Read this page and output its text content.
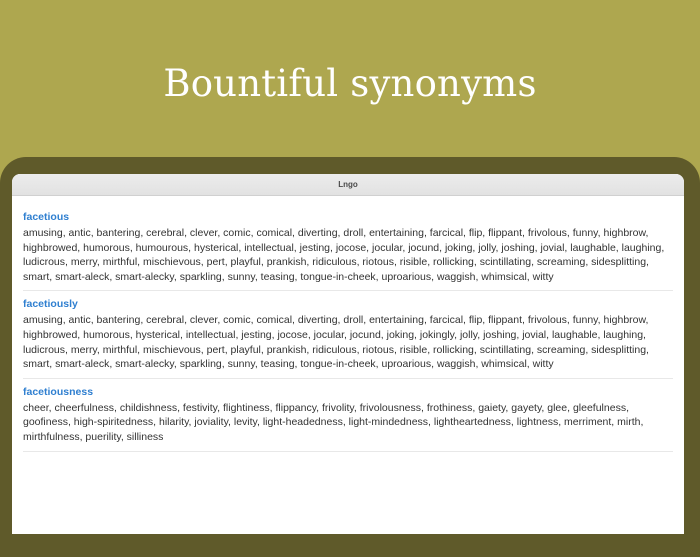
Bountiful synonyms
Lngo
facetious
amusing, antic, bantering, cerebral, clever, comic, comical, diverting, droll, entertaining, farcical, flip, flippant, frivolous, funny, highbrow, highbrowed, humorous, humourous, hysterical, intellectual, jesting, jocose, jocular, jocund, joking, jolly, joshing, jovial, laughable, laughing, ludicrous, merry, mirthful, mischievous, pert, playful, prankish, ridiculous, riotous, risible, rollicking, scintillating, screaming, sidesplitting, smart, smart-aleck, smart-alecky, sparkling, sunny, teasing, tongue-in-cheek, uproarious, waggish, whimsical, witty
facetiously
amusing, antic, bantering, cerebral, clever, comic, comical, diverting, droll, entertaining, farcical, flip, flippant, frivolous, funny, highbrow, highbrowed, humorous, hysterical, intellectual, jesting, jocose, jocular, jocund, joking, jokingly, jolly, joshing, jovial, laughable, laughing, ludicrous, merry, mirthful, mischievous, pert, playful, prankish, ridiculous, riotous, risible, rollicking, scintillating, screaming, sidesplitting, smart, smart-aleck, smart-alecky, sparkling, sunny, teasing, tongue-in-cheek, uproarious, waggish, whimsical, witty
facetiousness
cheer, cheerfulness, childishness, festivity, flightiness, flippancy, frivolity, frivolousness, frothiness, gaiety, gayety, glee, gleefulness, goofiness, high-spiritedness, hilarity, joviality, levity, light-headedness, light-mindedness, lightheartedness, lightness, merriment, mirth, mirthfulness, puerility, silliness
